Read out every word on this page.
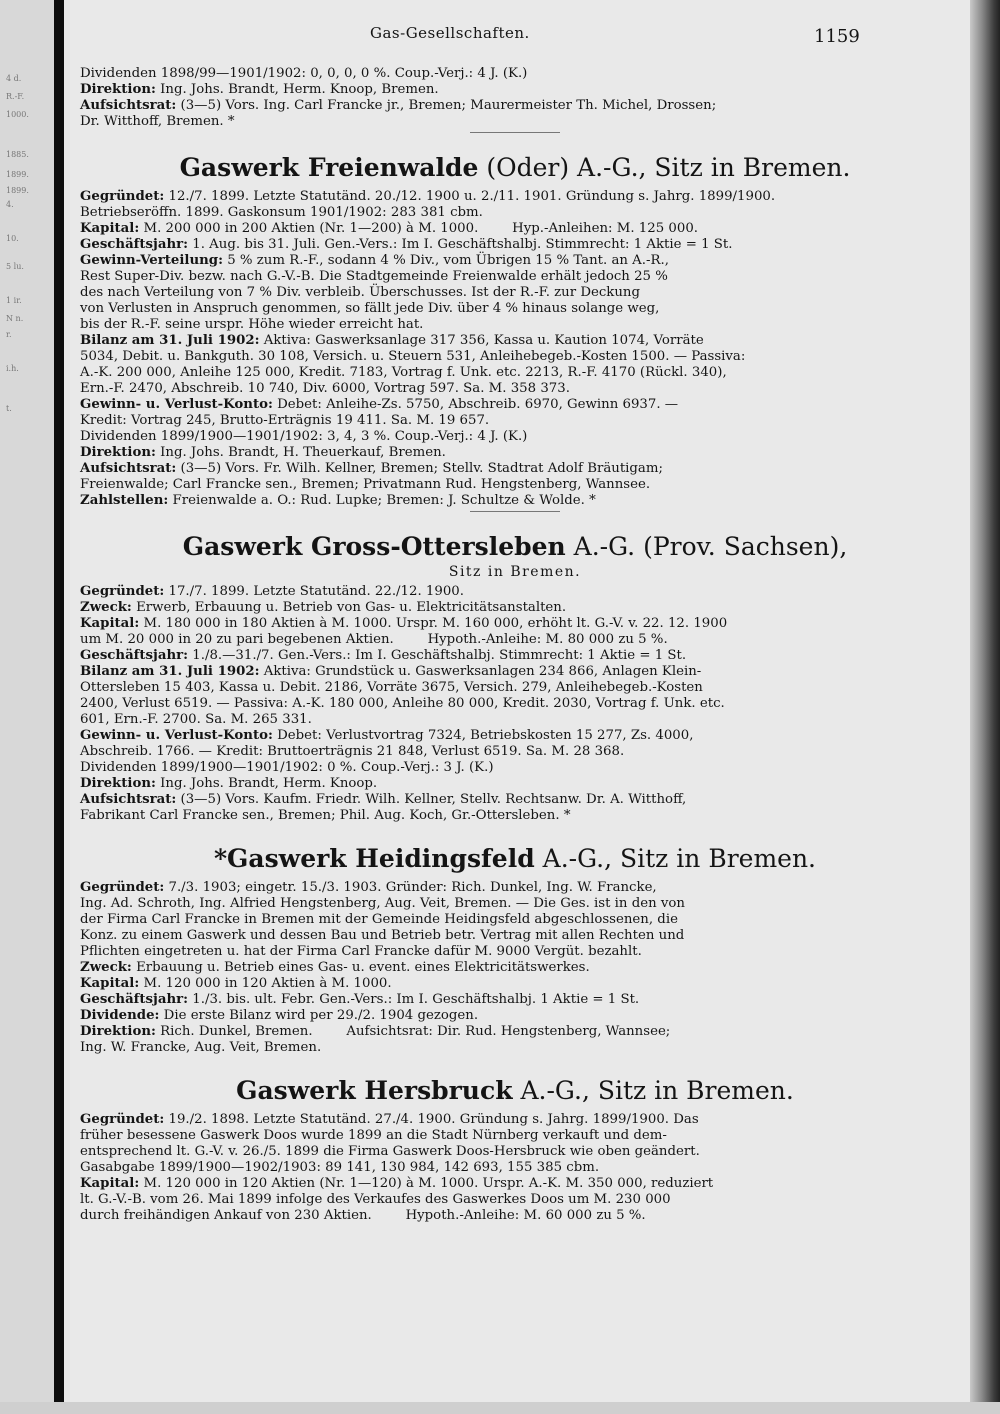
4 d.
R.-F.
1000.
1885.
1899.
1899.
4.
10.
5 lu.
1 ir.
N n.
r.
i.h.
t.
Gas-Gesellschaften.	1159
Dividenden 1898/99—1901/1902: 0, 0, 0, 0 %. Coup.-Verj.: 4 J. (K.)
Direktion: Ing. Johs. Brandt, Herm. Knoop, Bremen.
Aufsichtsrat: (3—5) Vors. Ing. Carl Francke jr., Bremen; Maurermeister Th. Michel, Drossen;
Dr. Witthoff, Bremen. *
Gaswerk Freienwalde (Oder) A.-G., Sitz in Bremen.
Gegründet: 12./7. 1899. Letzte Statutänd. 20./12. 1900 u. 2./11. 1901. Gründung s. Jahrg. 1899/1900.
Betriebseröffn. 1899. Gaskonsum 1901/1902: 283 381 cbm.
Kapital: M. 200 000 in 200 Aktien (Nr. 1—200) à M. 1000.        Hyp.-Anleihen: M. 125 000.
Geschäftsjahr: 1. Aug. bis 31. Juli. Gen.-Vers.: Im I. Geschäftshalbj. Stimmrecht: 1 Aktie = 1 St.
Gewinn-Verteilung: 5 % zum R.-F., sodann 4 % Div., vom Übrigen 15 % Tant. an A.-R.,
Rest Super-Div. bezw. nach G.-V.-B. Die Stadtgemeinde Freienwalde erhält jedoch 25 %
des nach Verteilung von 7 % Div. verbleib. Überschusses. Ist der R.-F. zur Deckung
von Verlusten in Anspruch genommen, so fällt jede Div. über 4 % hinaus solange weg,
bis der R.-F. seine urspr. Höhe wieder erreicht hat.
Bilanz am 31. Juli 1902: Aktiva: Gaswerksanlage 317 356, Kassa u. Kaution 1074, Vorräte
5034, Debit. u. Bankguth. 30 108, Versich. u. Steuern 531, Anleihebegeb.-Kosten 1500. — Passiva:
A.-K. 200 000, Anleihe 125 000, Kredit. 7183, Vortrag f. Unk. etc. 2213, R.-F. 4170 (Rückl. 340),
Ern.-F. 2470, Abschreib. 10 740, Div. 6000, Vortrag 597. Sa. M. 358 373.
Gewinn- u. Verlust-Konto: Debet: Anleihe-Zs. 5750, Abschreib. 6970, Gewinn 6937. —
Kredit: Vortrag 245, Brutto-Erträgnis 19 411. Sa. M. 19 657.
Dividenden 1899/1900—1901/1902: 3, 4, 3 %. Coup.-Verj.: 4 J. (K.)
Direktion: Ing. Johs. Brandt, H. Theuerkauf, Bremen.
Aufsichtsrat: (3—5) Vors. Fr. Wilh. Kellner, Bremen; Stellv. Stadtrat Adolf Bräutigam;
Freienwalde; Carl Francke sen., Bremen; Privatmann Rud. Hengstenberg, Wannsee.
Zahlstellen: Freienwalde a. O.: Rud. Lupke; Bremen: J. Schultze & Wolde. *
Gaswerk Gross-Ottersleben A.-G. (Prov. Sachsen),
Sitz in Bremen.
Gegründet: 17./7. 1899. Letzte Statutänd. 22./12. 1900.
Zweck: Erwerb, Erbauung u. Betrieb von Gas- u. Elektricitätsanstalten.
Kapital: M. 180 000 in 180 Aktien à M. 1000. Urspr. M. 160 000, erhöht lt. G.-V. v. 22. 12. 1900
um M. 20 000 in 20 zu pari begebenen Aktien.        Hypoth.-Anleihe: M. 80 000 zu 5 %.
Geschäftsjahr: 1./8.—31./7. Gen.-Vers.: Im I. Geschäftshalbj. Stimmrecht: 1 Aktie = 1 St.
Bilanz am 31. Juli 1902: Aktiva: Grundstück u. Gaswerksanlagen 234 866, Anlagen Klein-
Ottersleben 15 403, Kassa u. Debit. 2186, Vorräte 3675, Versich. 279, Anleihebegeb.-Kosten
2400, Verlust 6519. — Passiva: A.-K. 180 000, Anleihe 80 000, Kredit. 2030, Vortrag f. Unk. etc.
601, Ern.-F. 2700. Sa. M. 265 331.
Gewinn- u. Verlust-Konto: Debet: Verlustvortrag 7324, Betriebskosten 15 277, Zs. 4000,
Abschreib. 1766. — Kredit: Bruttoerträgnis 21 848, Verlust 6519. Sa. M. 28 368.
Dividenden 1899/1900—1901/1902: 0 %. Coup.-Verj.: 3 J. (K.)
Direktion: Ing. Johs. Brandt, Herm. Knoop.
Aufsichtsrat: (3—5) Vors. Kaufm. Friedr. Wilh. Kellner, Stellv. Rechtsanw. Dr. A. Witthoff,
Fabrikant Carl Francke sen., Bremen; Phil. Aug. Koch, Gr.-Ottersleben. *
*Gaswerk Heidingsfeld A.-G., Sitz in Bremen.
Gegründet: 7./3. 1903; eingetr. 15./3. 1903. Gründer: Rich. Dunkel, Ing. W. Francke,
Ing. Ad. Schroth, Ing. Alfried Hengstenberg, Aug. Veit, Bremen. — Die Ges. ist in den von
der Firma Carl Francke in Bremen mit der Gemeinde Heidingsfeld abgeschlossenen, die
Konz. zu einem Gaswerk und dessen Bau und Betrieb betr. Vertrag mit allen Rechten und
Pflichten eingetreten u. hat der Firma Carl Francke dafür M. 9000 Vergüt. bezahlt.
Zweck: Erbauung u. Betrieb eines Gas- u. event. eines Elektricitätswerkes.
Kapital: M. 120 000 in 120 Aktien à M. 1000.
Geschäftsjahr: 1./3. bis. ult. Febr. Gen.-Vers.: Im I. Geschäftshalbj. 1 Aktie = 1 St.
Dividende: Die erste Bilanz wird per 29./2. 1904 gezogen.
Direktion: Rich. Dunkel, Bremen.        Aufsichtsrat: Dir. Rud. Hengstenberg, Wannsee;
Ing. W. Francke, Aug. Veit, Bremen.
Gaswerk Hersbruck A.-G., Sitz in Bremen.
Gegründet: 19./2. 1898. Letzte Statutänd. 27./4. 1900. Gründung s. Jahrg. 1899/1900. Das
früher besessene Gaswerk Doos wurde 1899 an die Stadt Nürnberg verkauft und dem-
entsprechend lt. G.-V. v. 26./5. 1899 die Firma Gaswerk Doos-Hersbruck wie oben geändert.
Gasabgabe 1899/1900—1902/1903: 89 141, 130 984, 142 693, 155 385 cbm.
Kapital: M. 120 000 in 120 Aktien (Nr. 1—120) à M. 1000. Urspr. A.-K. M. 350 000, reduziert
lt. G.-V.-B. vom 26. Mai 1899 infolge des Verkaufes des Gaswerkes Doos um M. 230 000
durch freihändigen Ankauf von 230 Aktien.        Hypoth.-Anleihe: M. 60 000 zu 5 %.
